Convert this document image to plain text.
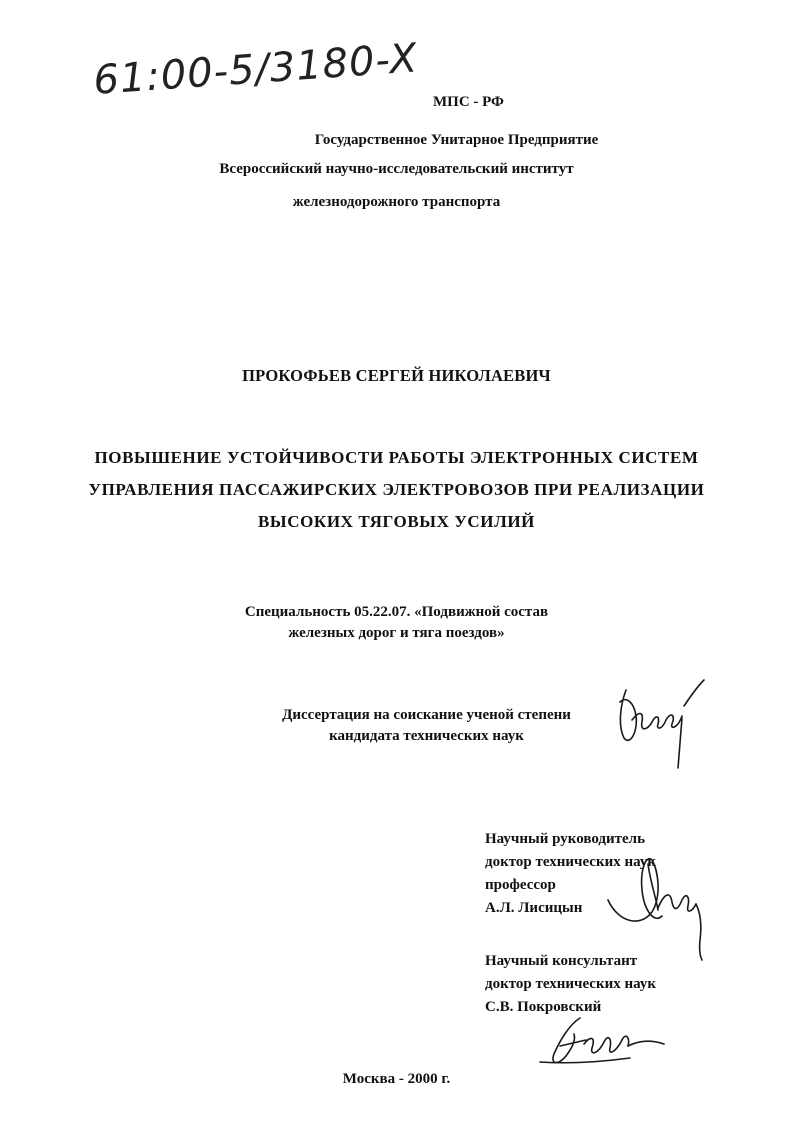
61:00-5/3180-X МПС - РФ
Государственное Унитарное Предприятие
Всероссийский научно-исследовательский институт
железнодорожного транспорта
ПРОКОФЬЕВ СЕРГЕЙ НИКОЛАЕВИЧ
ПОВЫШЕНИЕ УСТОЙЧИВОСТИ РАБОТЫ ЭЛЕКТРОННЫХ СИСТЕМ
УПРАВЛЕНИЯ ПАССАЖИРСКИХ ЭЛЕКТРОВОЗОВ ПРИ РЕАЛИЗАЦИИ
ВЫСОКИХ ТЯГОВЫХ УСИЛИЙ
Специальность 05.22.07. «Подвижной состав
железных дорог и тяга поездов»
Диссертация на соискание ученой степени
кандидата технических наук
Научный руководитель
доктор технических наук
профессор
А.Л. Лисицын
Научный консультант
доктор технических наук
С.В. Покровский
Москва - 2000 г.
